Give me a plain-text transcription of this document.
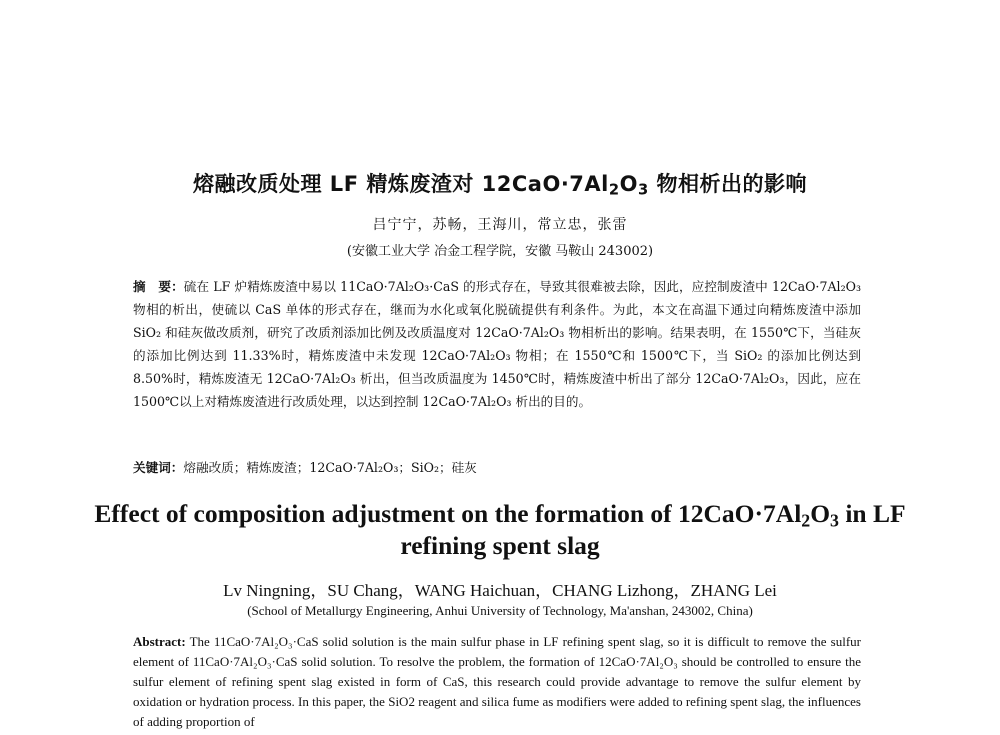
熔融改质处理 LF 精炼废渣对 $12CaO\cdot 7Al_2O_3$ 物相析出的影响
吕宁宁，苏畅，王海川，常立忠，张雷
(安徽工业大学 冶金工程学院，安徽 马鞍山 243002)
摘　要：硫在 LF 炉精炼废渣中易以 11CaO·7Al₂O₃·CaS 的形式存在，导致其很难被去除，因此，应控制废渣中 12CaO·7Al₂O₃ 物相的析出，使硫以 CaS 单体的形式存在，继而为水化或氧化脱硫提供有利条件。为此，本文在高温下通过向精炼废渣中添加 SiO₂ 和硅灰做改质剂，研究了改质剂添加比例及改质温度对 12CaO·7Al₂O₃ 物相析出的影响。结果表明，在 1550℃下，当硅灰的添加比例达到 11.33%时，精炼废渣中未发现 12CaO·7Al₂O₃ 物相；在 1550℃和 1500℃下，当 SiO₂ 的添加比例达到 8.50%时，精炼废渣无 12CaO·7Al₂O₃ 析出，但当改质温度为 1450℃时，精炼废渣中析出了部分 12CaO·7Al₂O₃，因此，应在 1500℃以上对精炼废渣进行改质处理，以达到控制 12CaO·7Al₂O₃ 析出的目的。
关键词：熔融改质；精炼废渣；12CaO·7Al₂O₃；SiO₂；硅灰
Effect of composition adjustment on the formation of $12CaO\cdot 7Al_2O_3$ in LF
refining spent slag
Lv Ningning，SU Chang，WANG Haichuan，CHANG Lizhong，ZHANG Lei
(School of Metallurgy Engineering, Anhui University of Technology, Ma'anshan, 243002, China)
Abstract: The 11CaO·7Al₂O₃·CaS solid solution is the main sulfur phase in LF refining spent slag, so it is difficult to remove the sulfur element of 11CaO·7Al₂O₃·CaS solid solution. To resolve the problem, the formation of 12CaO·7Al₂O₃ should be controlled to ensure the sulfur element of refining spent slag existed in form of CaS, this research could provide advantage to remove the sulfur element by oxidation or hydration process. In this paper, the SiO2 reagent and silica fume as modifiers were added to refining spent slag, the influences of adding proportion of
